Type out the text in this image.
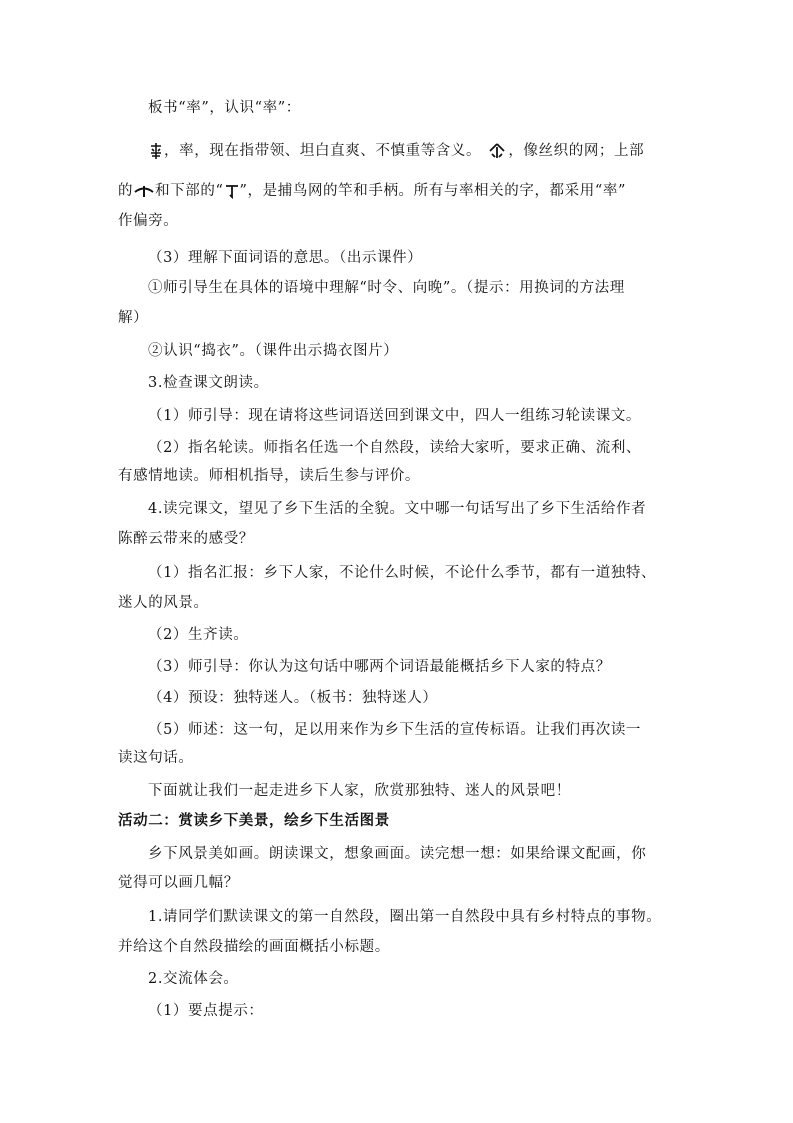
板书“率”，认识“率”：

，率，现在指带领、坦白直爽、不慎重等含义。 ，像丝织的网；上部

的 和下部的“ ”，是捕鸟网的竿和手柄。所有与率相关的字，都采用“率”

作偏旁。

（3）理解下面词语的意思。（出示课件）

①师引导生在具体的语境中理解“时令、向晚”。（提示：用换词的方法理

解）

②认识“捣衣”。（课件出示捣衣图片）

3.检查课文朗读。

（1）师引导：现在请将这些词语送回到课文中，四人一组练习轮读课文。

（2）指名轮读。师指名任选一个自然段，读给大家听，要求正确、流利、

有感情地读。师相机指导，读后生参与评价。

4.读完课文，望见了乡下生活的全貌。文中哪一句话写出了乡下生活给作者

陈醉云带来的感受？

（1）指名汇报：乡下人家，不论什么时候，不论什么季节，都有一道独特、

迷人的风景。

（2）生齐读。

（3）师引导：你认为这句话中哪两个词语最能概括乡下人家的特点？

（4）预设：独特迷人。（板书：独特迷人）

（5）师述：这一句，足以用来作为乡下生活的宣传标语。让我们再次读一

读这句话。

下面就让我们一起走进乡下人家，欣赏那独特、迷人的风景吧！

活动二：赏读乡下美景，绘乡下生活图景

乡下风景美如画。朗读课文，想象画面。读完想一想：如果给课文配画，你

觉得可以画几幅？

1.请同学们默读课文的第一自然段，圈出第一自然段中具有乡村特点的事物。

并给这个自然段描绘的画面概括小标题。

2.交流体会。

（1）要点提示：
